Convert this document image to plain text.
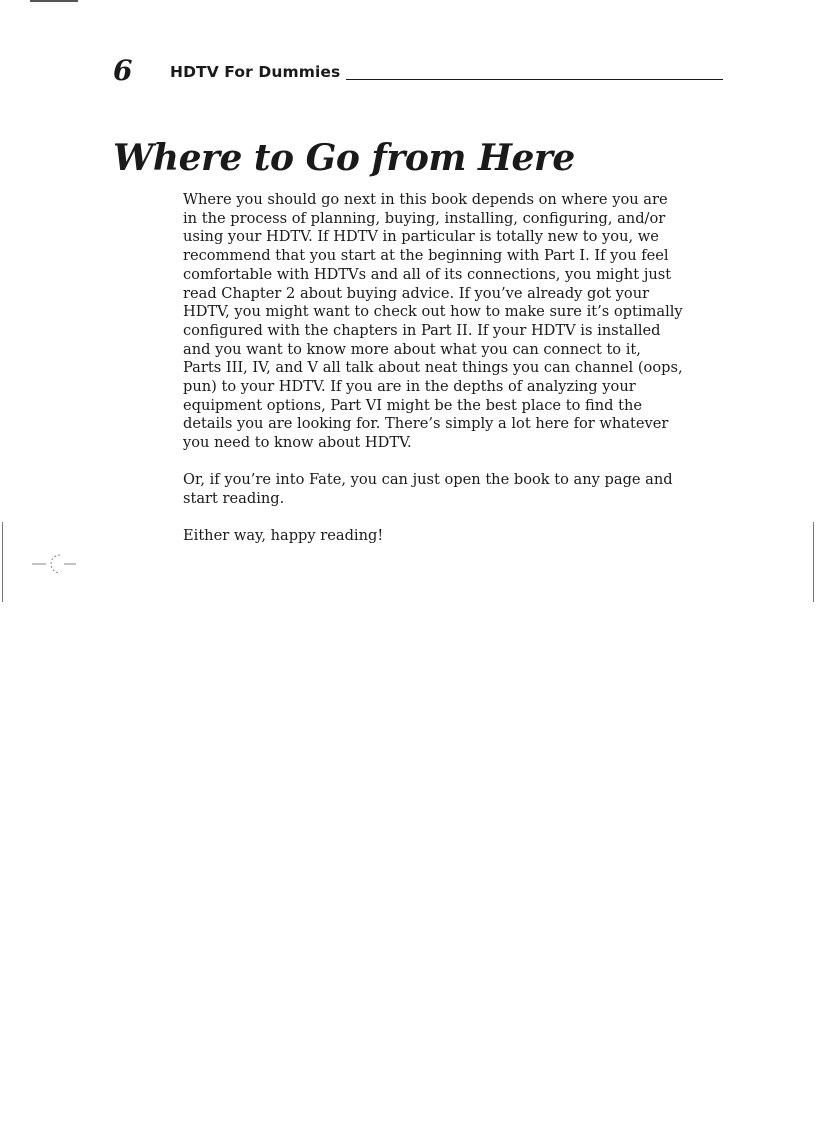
6	HDTV For Dummies
Where to Go from Here

Where you should go next in this book depends on where you are
in the process of planning, buying, installing, configuring, and/or
using your HDTV. If HDTV in particular is totally new to you, we
recommend that you start at the beginning with Part I. If you feel
comfortable with HDTVs and all of its connections, you might just
read Chapter 2 about buying advice. If you’ve already got your
HDTV, you might want to check out how to make sure it’s optimally
configured with the chapters in Part II. If your HDTV is installed
and you want to know more about what you can connect to it,
Parts III, IV, and V all talk about neat things you can channel (oops,
pun) to your HDTV. If you are in the depths of analyzing your
equipment options, Part VI might be the best place to find the
details you are looking for. There’s simply a lot here for whatever
you need to know about HDTV.

Or, if you’re into Fate, you can just open the book to any page and
start reading.

Either way, happy reading!
